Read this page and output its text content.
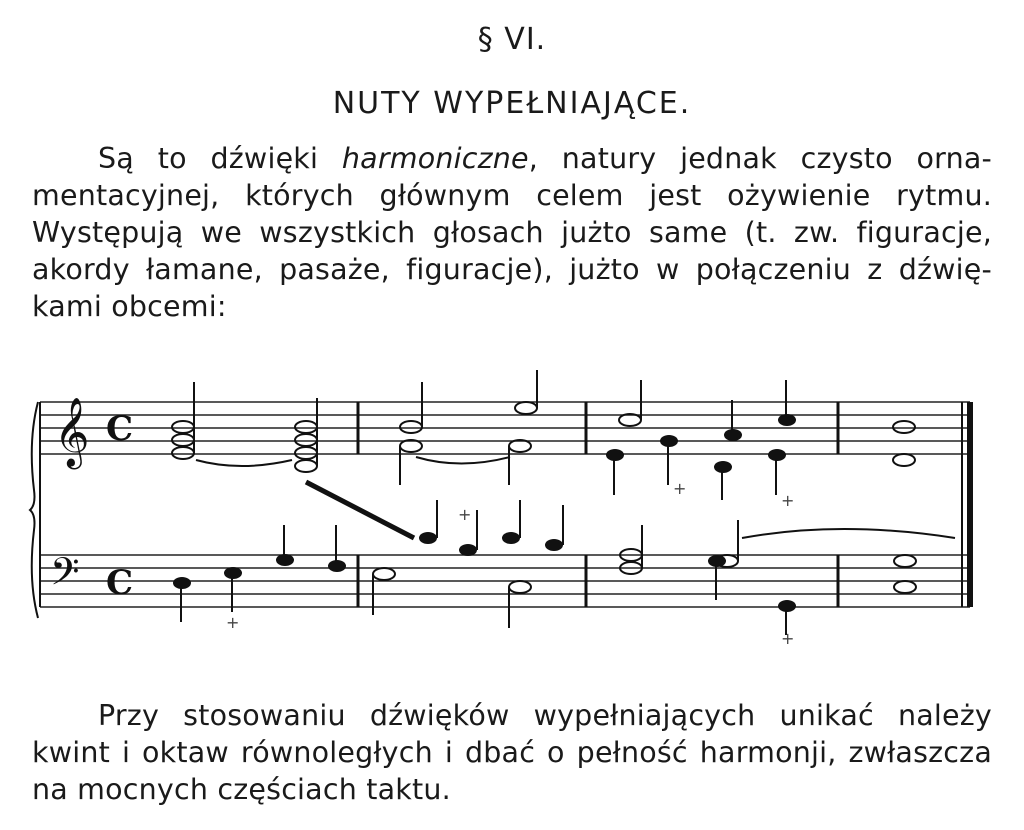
§ VI.
NUTY WYPEŁNIAJĄCE.
Są to dźwięki harmoniczne, natury jednak czysto orna-
mentacyjnej, których głównym celem jest ożywienie rytmu.
Występują we wszystkich głosach jużto same (t. zw. figuracje,
akordy łamane, pasaże, figuracje), jużto w połączeniu z dźwię-
kami obcemi:
𝄞
𝄢
C
C
+
+
+
+
+
Przy stosowaniu dźwięków wypełniających unikać należy
kwint i oktaw równoległych i dbać o pełność harmonji, zwłaszcza
na mocnych częściach taktu.
